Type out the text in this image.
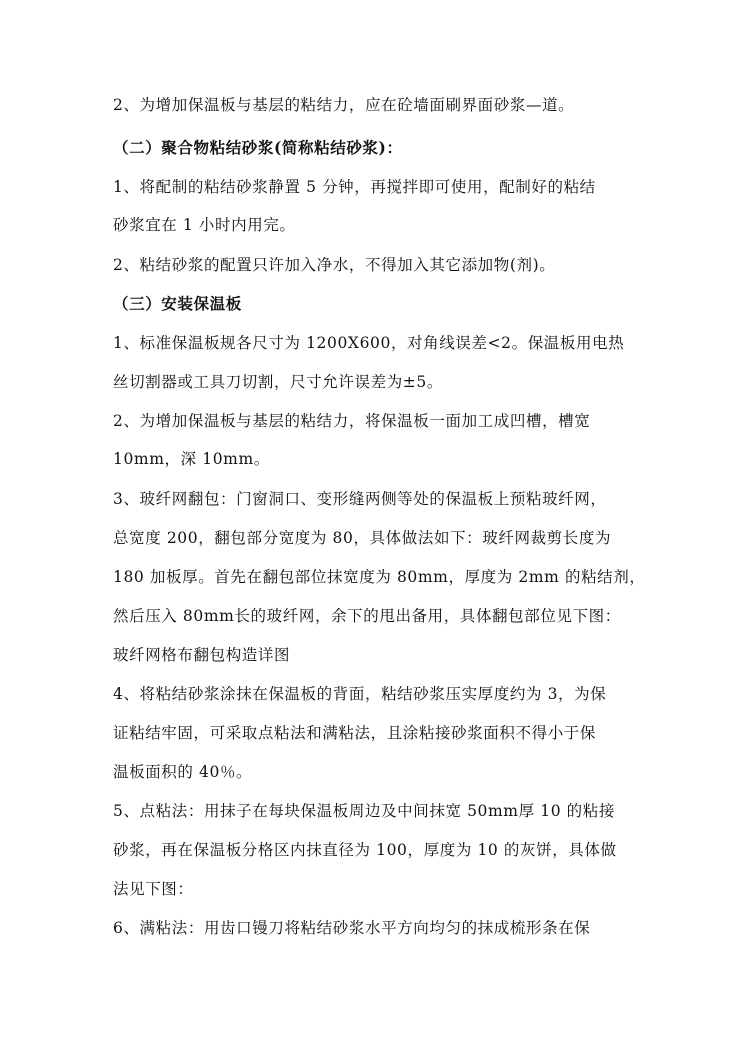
2、为增加保温板与基层的粘结力，应在砼墙面刷界面砂浆—道。
（二）聚合物粘结砂浆(简称粘结砂浆)：
1、将配制的粘结砂浆静置 5 分钟，再搅拌即可使用，配制好的粘结
砂浆宜在 1 小时内用完。
2、粘结砂浆的配置只许加入净水，不得加入其它添加物(剂)。
（三）安装保温板
1、标准保温板规各尺寸为 1200X600，对角线误差<2。保温板用电热
丝切割器或工具刀切割，尺寸允许误差为±5。
2、为增加保温板与基层的粘结力，将保温板一面加工成凹槽，槽宽
10mm，深 10mm。
3、玻纤网翻包：门窗洞口、变形缝两侧等处的保温板上预粘玻纤网，
总宽度 200，翻包部分宽度为 80，具体做法如下：玻纤网裁剪长度为
180 加板厚。首先在翻包部位抹宽度为 80mm，厚度为 2mm 的粘结剂，
然后压入 80mm长的玻纤网，余下的甩出备用，具体翻包部位见下图：
玻纤网格布翻包构造详图
4、将粘结砂浆涂抹在保温板的背面，粘结砂浆压实厚度约为 3，为保
证粘结牢固，可采取点粘法和满粘法，且涂粘接砂浆面积不得小于保
温板面积的 40％。
5、点粘法：用抹子在每块保温板周边及中间抹宽 50mm厚 10 的粘接
砂浆，再在保温板分格区内抹直径为 100，厚度为 10 的灰饼，具体做
法见下图：
6、满粘法：用齿口镘刀将粘结砂浆水平方向均匀的抹成梳形条在保
